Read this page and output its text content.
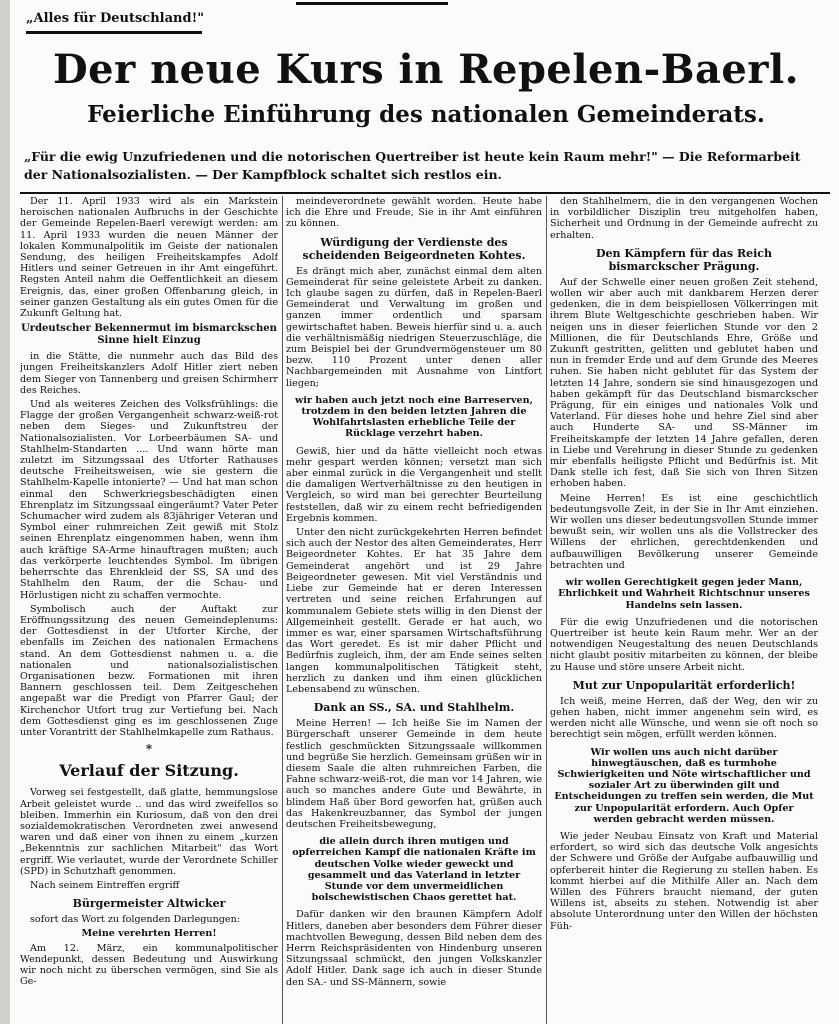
„Alles für Deutschland!"
Der neue Kurs in Repelen-Baerl.
Feierliche Einführung des nationalen Gemeinderats.
„Für die ewig Unzufriedenen und die notorischen Quertreiber ist heute kein Raum mehr!" — Die Reformarbeit
der Nationalsozialisten. — Der Kampfblock schaltet sich restlos ein.

Der 11. April 1933 wird als ein Markstein heroischen nationalen Aufbruchs in der Geschichte der Gemeinde Repelen-Baerl verewigt werden: am 11. April 1933 wurden die neuen Männer der lokalen Kommunalpolitik im Geiste der nationalen Sendung, des heiligen Freiheitskampfes Adolf Hitlers und seiner Getreuen in ihr Amt eingeführt. Regsten Anteil nahm die Oeffentlichkeit an diesem Ereignis, das, einer großen Offenbarung gleich, in seiner ganzen Gestaltung als ein gutes Omen für die Zukunft Geltung hat.

Urdeutscher Bekennermut im bismarckschen Sinne hielt Einzug

in die Stätte, die nunmehr auch das Bild des jungen Freiheitskanzlers Adolf Hitler ziert neben dem Sieger von Tannenberg und greisen Schirmherr des Reiches.

Und als weiteres Zeichen des Volksfrühlings: die Flagge der großen Vergangenheit schwarz-weiß-rot neben dem Sieges- und Zukunftstreu der Nationalsozialisten. Vor Lorbeerbäumen SA- und Stahlhelm-Standarten .... Und wann hörte man zuletzt im Sitzungssaal des Utforter Rathauses deutsche Freiheitsweisen, wie sie gestern die Stahlhelm-Kapelle intonierte? — Und hat man schon einmal den Schwerkriegsbeschädigten einen Ehrenplatz im Sitzungssaal eingeräumt? Vater Peter Schumacher wird zudem als 83jähriger Veteran und Symbol einer ruhmreichen Zeit gewiß mit Stolz seinen Ehrenplatz eingenommen haben, wenn ihm auch kräftige SA-Arme hinauftragen mußten; auch das verkörperte leuchtendes Symbol. Im übrigen beherrschte das Ehrenkleid der SS, SA und des Stahlhelm den Raum, der die Schau- und Hörlustigen nicht zu schaffen vermochte.

Symbolisch auch der Auftakt zur Eröffnungssitzung des neuen Gemeindeplenums: der Gottesdienst in der Utforter Kirche, der ebenfalls im Zeichen des nationalen Ermachens stand. An dem Gottesdienst nahmen u. a. die nationalen und nationalsozialistischen Organisationen bezw. Formationen mit ihren Bannern geschlossen teil. Dem Zeitgeschehen angepaßt war die Predigt von Pfarrer Gaul; der Kirchenchor Utfort trug zur Vertiefung bei. Nach dem Gottesdienst ging es im geschlossenen Zuge unter Vorantritt der Stahlhelmkapelle zum Rathaus.

*
Verlauf der Sitzung.

Vorweg sei festgestellt, daß glatte, hemmungslose Arbeit geleistet wurde .. und das wird zweifellos so bleiben. Immerhin ein Kuriosum, daß von den drei sozialdemokratischen Verordneten zwei anwesend waren und daß einer von ihnen zu einem „kurzen „Bekenntnis zur sachlichen Mitarbeit" das Wort ergriff. Wie verlautet, wurde der Verordnete Schiller (SPD) in Schutzhaft genommen.

Nach seinem Eintreffen ergriff

Bürgermeister Altwicker

sofort das Wort zu folgenden Darlegungen:

Meine verehrten Herren!

Am 12. März, ein kommunalpolitischer Wendepunkt, dessen Bedeutung und Auswirkung wir noch nicht zu überschen vermögen, sind Sie als Ge-

meindeverordnete gewählt worden. Heute habe ich die Ehre und Freude, Sie in ihr Amt einführen zu können.

Würdigung der Verdienste des scheidenden Beigeordneten Kohtes.

Es drängt mich aber, zunächst einmal dem alten Gemeinderat für seine geleistete Arbeit zu danken. Ich glaube sagen zu dürfen, daß in Repelen-Baerl Gemeinderat und Verwaltung im großen und ganzen immer ordentlich und sparsam gewirtschaftet haben. Beweis hierfür sind u. a. auch die verhältnismäßig niedrigen Steuerzuschläge, die zum Beispiel bei der Grundvermögensteuer um 80 bezw. 110 Prozent unter denen aller Nachbargemeinden mit Ausnahme von Lintfort liegen;

wir haben auch jetzt noch eine Barreserven, trotzdem in den beiden letzten Jahren die Wohlfahrtslasten erhebliche Teile der Rücklage verzehrt haben.

Gewiß, hier und da hätte vielleicht noch etwas mehr gespart werden können; versetzt man sich aber einmal zurück in die Vergangenheit und stellt die damaligen Wertverhältnisse zu den heutigen in Vergleich, so wird man bei gerechter Beurteilung feststellen, daß wir zu einem recht befriedigenden Ergebnis kommen.

Unter den nicht zurückgekehrten Herren befindet sich auch der Nestor des alten Gemeinderates, Herr Beigeordneter Kohtes. Er hat 35 Jahre dem Gemeinderat angehört und ist 29 Jahre Beigeordneter gewesen. Mit viel Verständnis und Liebe zur Gemeinde hat er deren Interessen vertreten und seine reichen Erfahrungen auf kommunalem Gebiete stets willig in den Dienst der Allgemeinheit gestellt. Gerade er hat auch, wo immer es war, einer sparsamen Wirtschaftsführung das Wort geredet. Es ist mir daher Pflicht und Bedürfnis zugleich, ihm, der am Ende seines selten langen kommunalpolitischen Tätigkeit steht, herzlich zu danken und ihm einen glücklichen Lebensabend zu wünschen.

Dank an SS., SA. und Stahlhelm.

Meine Herren! — Ich heiße Sie im Namen der Bürgerschaft unserer Gemeinde in dem heute festlich geschmückten Sitzungssaale willkommen und begrüße Sie herzlich. Gemeinsam grüßen wir in diesem Saale die alten ruhmreichen Farben, die Fahne schwarz-weiß-rot, die man vor 14 Jahren, wie auch so manches andere Gute und Bewährte, in blindem Haß über Bord geworfen hat, grüßen auch das Hakenkreuzbanner, das Symbol der jungen deutschen Freiheitsbewegung,

die allein durch ihren mutigen und opferreichen Kampf die nationalen Kräfte im deutschen Volke wieder geweckt und gesammelt und das Vaterland in letzter Stunde vor dem unvermeidlichen bolschewistischen Chaos gerettet hat.

Dafür danken wir den braunen Kämpfern Adolf Hitlers, daneben aber besonders dem Führer dieser machtvollen Bewegung, dessen Bild neben dem des Herrn Reichspräsidenten von Hindenburg unseren Sitzungssaal schmückt, den jungen Volkskanzler Adolf Hitler. Dank sage ich auch in dieser Stunde den SA.- und SS-Männern, sowie

den Stahlhelmern, die in den vergangenen Wochen in vorbildlicher Disziplin treu mitgeholfen haben, Sicherheit und Ordnung in der Gemeinde aufrecht zu erhalten.

Den Kämpfern für das Reich bismarckscher Prägung.

Auf der Schwelle einer neuen großen Zeit stehend, wollen wir aber auch mit dankbarem Herzen derer gedenken, die in dem beispiellosen Völkerringen mit ihrem Blute Weltgeschichte geschrieben haben. Wir neigen uns in dieser feierlichen Stunde vor den 2 Millionen, die für Deutschlands Ehre, Größe und Zukunft gestritten, gelitten und geblutet haben und nun in fremder Erde und auf dem Grunde des Meeres ruhen. Sie haben nicht geblutet für das System der letzten 14 Jahre, sondern sie sind hinausgezogen und haben gekämpft für das Deutschland bismarckscher Prägung, für ein einiges und nationales Volk und Vaterland. Für dieses hohe und hehre Ziel sind aber auch Hunderte SA- und SS-Männer im Freiheitskampfe der letzten 14 Jahre gefallen, deren in Liebe und Verehrung in dieser Stunde zu gedenken mir ebenfalls heiligste Pflicht und Bedürfnis ist. Mit Dank stelle ich fest, daß Sie sich von Ihren Sitzen erhoben haben.

Meine Herren! Es ist eine geschichtlich bedeutungsvolle Zeit, in der Sie in Ihr Amt einziehen. Wir wollen uns dieser bedeutungsvollen Stunde immer bewußt sein, wir wollen uns als die Vollstrecker des Willens der ehrlichen, gerechtdenkenden und aufbauwilligen Bevölkerung unserer Gemeinde betrachten und

wir wollen Gerechtigkeit gegen jeder Mann, Ehrlichkeit und Wahrheit Richtschnur unseres Handelns sein lassen.

Für die ewig Unzufriedenen und die notorischen Quertreiber ist heute kein Raum mehr. Wer an der notwendigen Neugestaltung des neuen Deutschlands nicht glaubt positiv mitarbeiten zu können, der bleibe zu Hause und störe unsere Arbeit nicht.

Mut zur Unpopularität erforderlich!

Ich weiß, meine Herren, daß der Weg, den wir zu gehen haben, nicht immer angenehm sein wird, es werden nicht alle Wünsche, und wenn sie oft noch so berechtigt sein mögen, erfüllt werden können.

Wir wollen uns auch nicht darüber hinwegtäuschen, daß es turmhohe Schwierigkeiten und Nöte wirtschaftlicher und sozialer Art zu überwinden gilt und Entscheidungen zu treffen sein werden, die Mut zur Unpopularität erfordern. Auch Opfer werden gebracht werden müssen.

Wie jeder Neubau Einsatz von Kraft und Material erfordert, so wird sich das deutsche Volk angesichts der Schwere und Größe der Aufgabe aufbauwillig und opferbereit hinter die Regierung zu stellen haben. Es kommt hierbei auf die Mithilfe Aller an. Nach dem Willen des Führers braucht niemand, der guten Willens ist, abseits zu stehen. Notwendig ist aber absolute Unterordnung unter den Willen der höchsten Füh-
